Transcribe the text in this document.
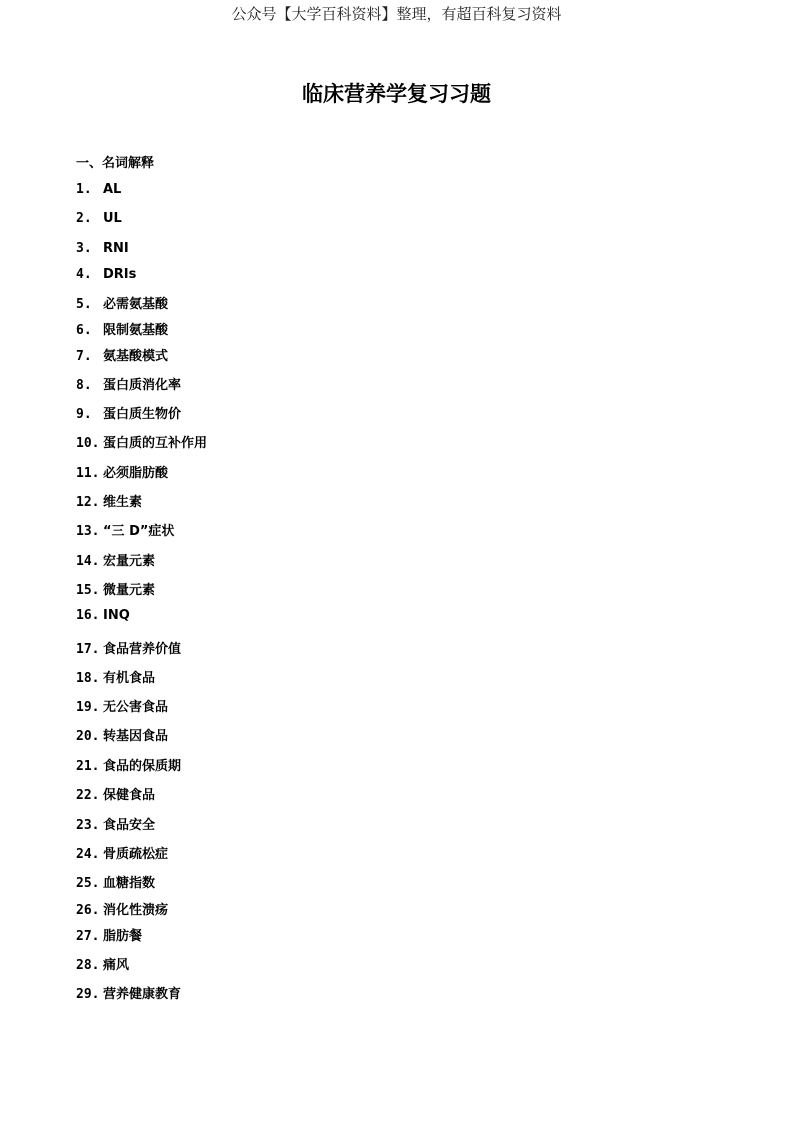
公众号【大学百科资料】整理，有超百科复习资料
临床营养学复习习题
一、名词解释
1. AL
2. UL
3. RNI
4. DRIs
5. 必需氨基酸
6. 限制氨基酸
7. 氨基酸模式
8. 蛋白质消化率
9. 蛋白质生物价
10. 蛋白质的互补作用
11. 必须脂肪酸
12. 维生素
13. “三 D”症状
14. 宏量元素
15. 微量元素
16. INQ
17. 食品营养价值
18. 有机食品
19. 无公害食品
20. 转基因食品
21. 食品的保质期
22. 保健食品
23. 食品安全
24. 骨质疏松症
25. 血糖指数
26. 消化性溃疡
27. 脂肪餐
28. 痛风
29. 营养健康教育
